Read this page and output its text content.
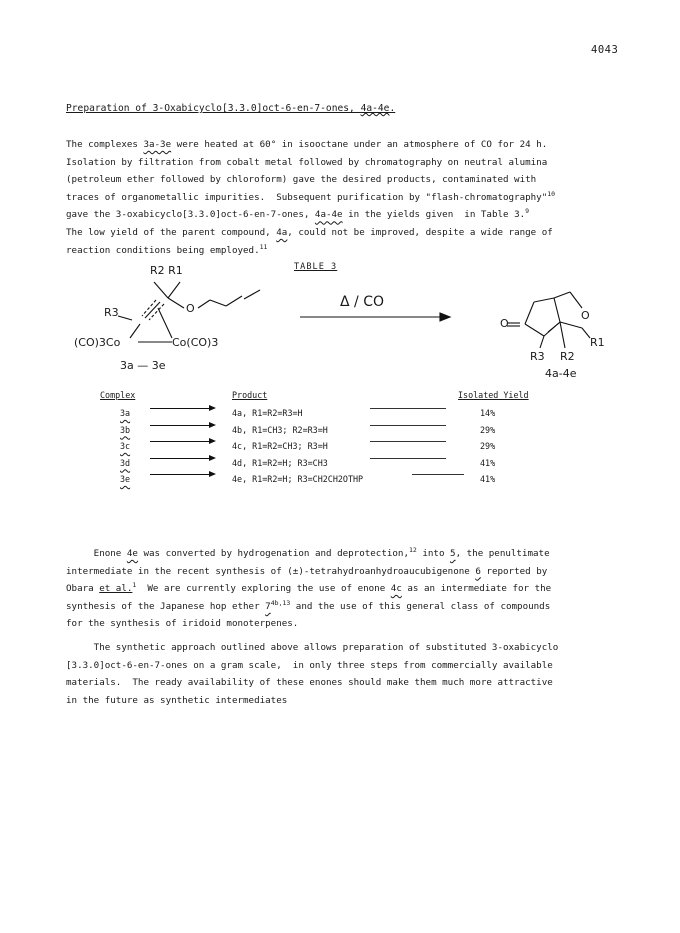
4043
Preparation of 3-Oxabicyclo[3.3.0]oct-6-en-7-ones, 4a-4e.
The complexes 3a-3e were heated at 60° in isooctane under an atmosphere of CO for 24 h.
Isolation by filtration from cobalt metal followed by chromatography on neutral alumina
(petroleum ether followed by chloroform) gave the desired products, contaminated with
traces of organometallic impurities.  Subsequent purification by "flash-chromatography"$^{10}$
gave the 3-oxabicyclo[3.3.0]oct-6-en-7-ones, 4a-4e in the yields given  in Table 3.$^9$
The low yield of the parent compound, 4a, could not be improved, despite a wide range of
reaction conditions being employed.$^{11}$
R2 R1
R3	O
(CO)3Co	Co(CO)3
3a — 3e
TABLE 3
Δ / CO
O
O
R1
R3 R2
4a-4e
Complex	Product	Isolated Yield
3a	4a, R1=R2=R3=H	14%
3b	4b, R1=CH3; R2=R3=H	29%
3c	4c, R1=R2=CH3; R3=H	29%
3d	4d, R1=R2=H; R3=CH3	41%
3e	4e, R1=R2=H; R3=CH2CH2OTHP	41%
Enone 4e was converted by hydrogenation and deprotection,$^{12}$ into 5, the penultimate
intermediate in the recent synthesis of (±)-tetrahydroanhydroaucubigenone 6 reported by
Obara et al.$^1$  We are currently exploring the use of enone 4c as an intermediate for the
synthesis of the Japanese hop ether $7^{4b,13}$ and the use of this general class of compounds
for the synthesis of iridoid monoterpenes.
The synthetic approach outlined above allows preparation of substituted 3-oxabicyclo
[3.3.0]oct-6-en-7-ones on a gram scale,  in only three steps from commercially available
materials.  The ready availability of these enones should make them much more attractive
in the future as synthetic intermediates
